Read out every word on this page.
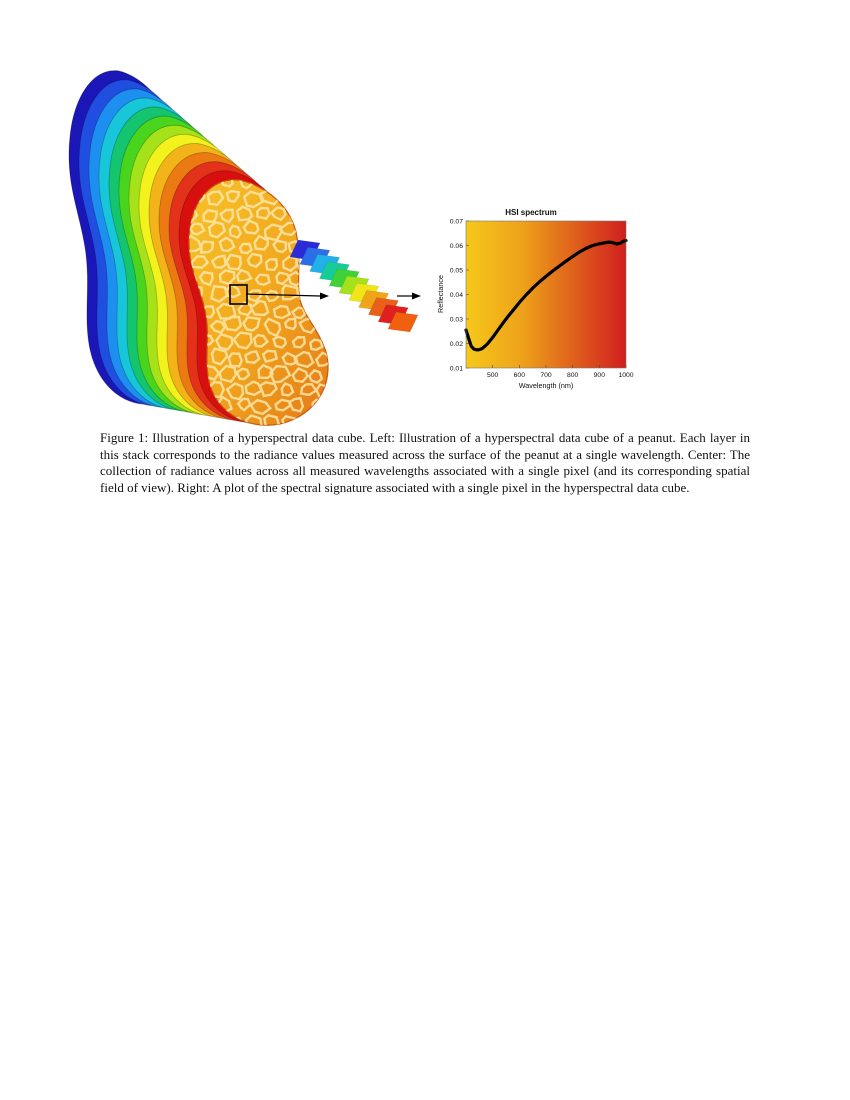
HSI spectrum
0.01
0.02
0.03
0.04
0.05
0.06
0.07
500 600 700 800 900 1000
Wavelength (nm)
Reflectance

Figure 1: Illustration of a hyperspectral data cube. Left: Illustration of a hyperspectral data cube of a peanut. Each layer in this stack corresponds to the radiance values measured across the surface of the peanut at a single wavelength. Center: The collection of radiance values across all measured wavelengths associated with a single pixel (and its corresponding spatial field of view). Right: A plot of the spectral signature associated with a single pixel in the hyperspectral data cube.
